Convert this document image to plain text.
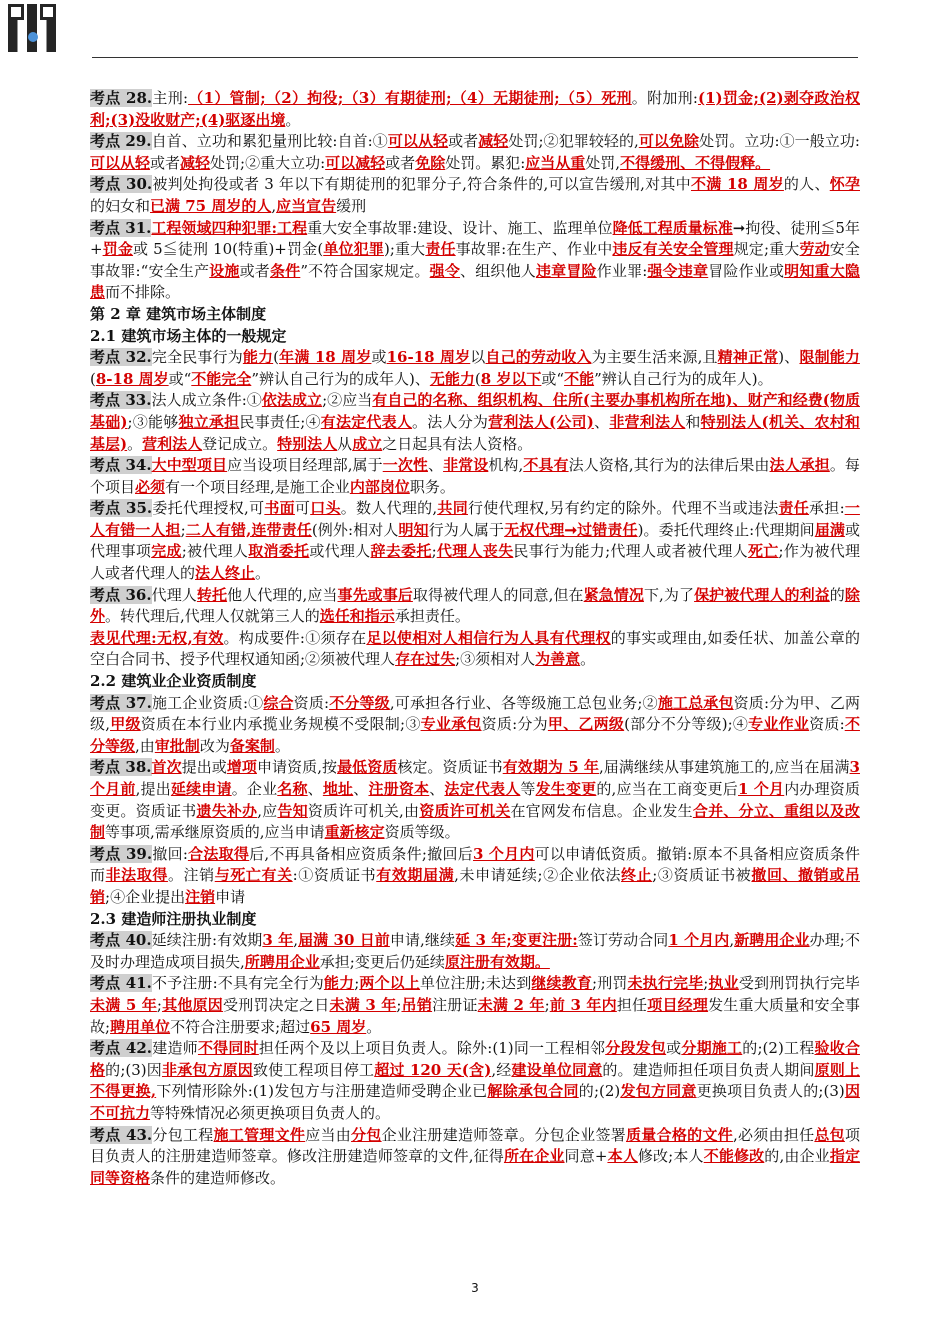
考点 28.主刑:（1）管制;（2）拘役;（3）有期徒刑;（4）无期徒刑;（5）死刑。附加刑:(1)罚金;(2)剥夺政治权利;(3)没收财产;(4)驱逐出境。
考点 29.自首、立功和累犯量刑比较:自首:①可以从轻或者减轻处罚;②犯罪较轻的,可以免除处罚。立功:①一般立功:可以从轻或者减轻处罚;②重大立功:可以减轻或者免除处罚。累犯:应当从重处罚,不得缓刑、不得假释。
考点 30.被判处拘役或者 3 年以下有期徒刑的犯罪分子,符合条件的,可以宣告缓刑,对其中不满 18 周岁的人、怀孕的妇女和已满 75 周岁的人,应当宣告缓刑
考点 31.工程领域四种犯罪:工程重大安全事故罪:建设、设计、施工、监理单位降低工程质量标准➞拘役、徒刑≦5年+罚金或 5≦徒刑 10(特重)+罚金(单位犯罪);重大责任事故罪:在生产、作业中违反有关安全管理规定;重大劳动安全事故罪:“安全生产设施或者条件”不符合国家规定。强令、组织他人违章冒险作业罪:强令违章冒险作业或明知重大隐患而不排除。
第 2 章 建筑市场主体制度
2.1 建筑市场主体的一般规定
考点 32.完全民事行为能力(年满 18 周岁或16-18 周岁以自己的劳动收入为主要生活来源,且精神正常)、限制能力(8-18 周岁或“不能完全”辨认自己行为的成年人)、无能力(8 岁以下或“不能”辨认自己行为的成年人)。
考点 33.法人成立条件:①依法成立;②应当有自己的名称、组织机构、住所(主要办事机构所在地)、财产和经费(物质基础);③能够独立承担民事责任;④有法定代表人。法人分为营利法人(公司)、非营利法人和特别法人(机关、农村和基层)。营利法人登记成立。特别法人从成立之日起具有法人资格。
考点 34.大中型项目应当设项目经理部,属于一次性、非常设机构,不具有法人资格,其行为的法律后果由法人承担。每个项目必须有一个项目经理,是施工企业内部岗位职务。
考点 35.委托代理授权,可书面可口头。数人代理的,共同行使代理权,另有约定的除外。代理不当或违法责任承担:一人有错一人担;二人有错,连带责任(例外:相对人明知行为人属于无权代理➞过错责任)。委托代理终止:代理期间届满或代理事项完成;被代理人取消委托或代理人辞去委托;代理人丧失民事行为能力;代理人或者被代理人死亡;作为被代理人或者代理人的法人终止。
考点 36.代理人转托他人代理的,应当事先或事后取得被代理人的同意,但在紧急情况下,为了保护被代理人的利益的除外。转代理后,代理人仅就第三人的选任和指示承担责任。
表见代理:无权,有效。构成要件:①须存在足以使相对人相信行为人具有代理权的事实或理由,如委任状、加盖公章的空白合同书、授予代理权通知函;②须被代理人存在过失;③须相对人为善意。
2.2 建筑业企业资质制度
考点 37.施工企业资质:①综合资质:不分等级,可承担各行业、各等级施工总包业务;②施工总承包资质:分为甲、乙两级,甲级资质在本行业内承揽业务规模不受限制;③专业承包资质:分为甲、乙两级(部分不分等级);④专业作业资质:不分等级,由审批制改为备案制。
考点 38.首次提出或增项申请资质,按最低资质核定。资质证书有效期为 5 年,届满继续从事建筑施工的,应当在届满3 个月前,提出延续申请。企业名称、地址、注册资本、法定代表人等发生变更的,应当在工商变更后1 个月内办理资质变更。资质证书遗失补办,应告知资质许可机关,由资质许可机关在官网发布信息。企业发生合并、分立、重组以及改制等事项,需承继原资质的,应当申请重新核定资质等级。
考点 39.撤回:合法取得后,不再具备相应资质条件;撤回后3 个月内可以申请低资质。撤销:原本不具备相应资质条件而非法取得。注销与死亡有关:①资质证书有效期届满,未申请延续;②企业依法终止;③资质证书被撤回、撤销或吊销;④企业提出注销申请
2.3 建造师注册执业制度
考点 40.延续注册:有效期3 年,届满 30 日前申请,继续延 3 年;变更注册:签订劳动合同1 个月内,新聘用企业办理;不及时办理造成项目损失,所聘用企业承担;变更后仍延续原注册有效期。
考点 41.不予注册:不具有完全行为能力;两个以上单位注册;未达到继续教育;刑罚未执行完毕;执业受到刑罚执行完毕未满 5 年;其他原因受刑罚决定之日未满 3 年;吊销注册证未满 2 年;前 3 年内担任项目经理发生重大质量和安全事故;聘用单位不符合注册要求;超过65 周岁。
考点 42.建造师不得同时担任两个及以上项目负责人。除外:(1)同一工程相邻分段发包或分期施工的;(2)工程验收合格的;(3)因非承包方原因致使工程项目停工超过 120 天(含),经建设单位同意的。建造师担任项目负责人期间原则上不得更换,下列情形除外:(1)发包方与注册建造师受聘企业已解除承包合同的;(2)发包方同意更换项目负责人的;(3)因不可抗力等特殊情况必须更换项目负责人的。
考点 43.分包工程施工管理文件应当由分包企业注册建造师签章。分包企业签署质量合格的文件,必须由担任总包项目负责人的注册建造师签章。修改注册建造师签章的文件,征得所在企业同意+本人修改;本人不能修改的,由企业指定同等资格条件的建造师修改。
3
